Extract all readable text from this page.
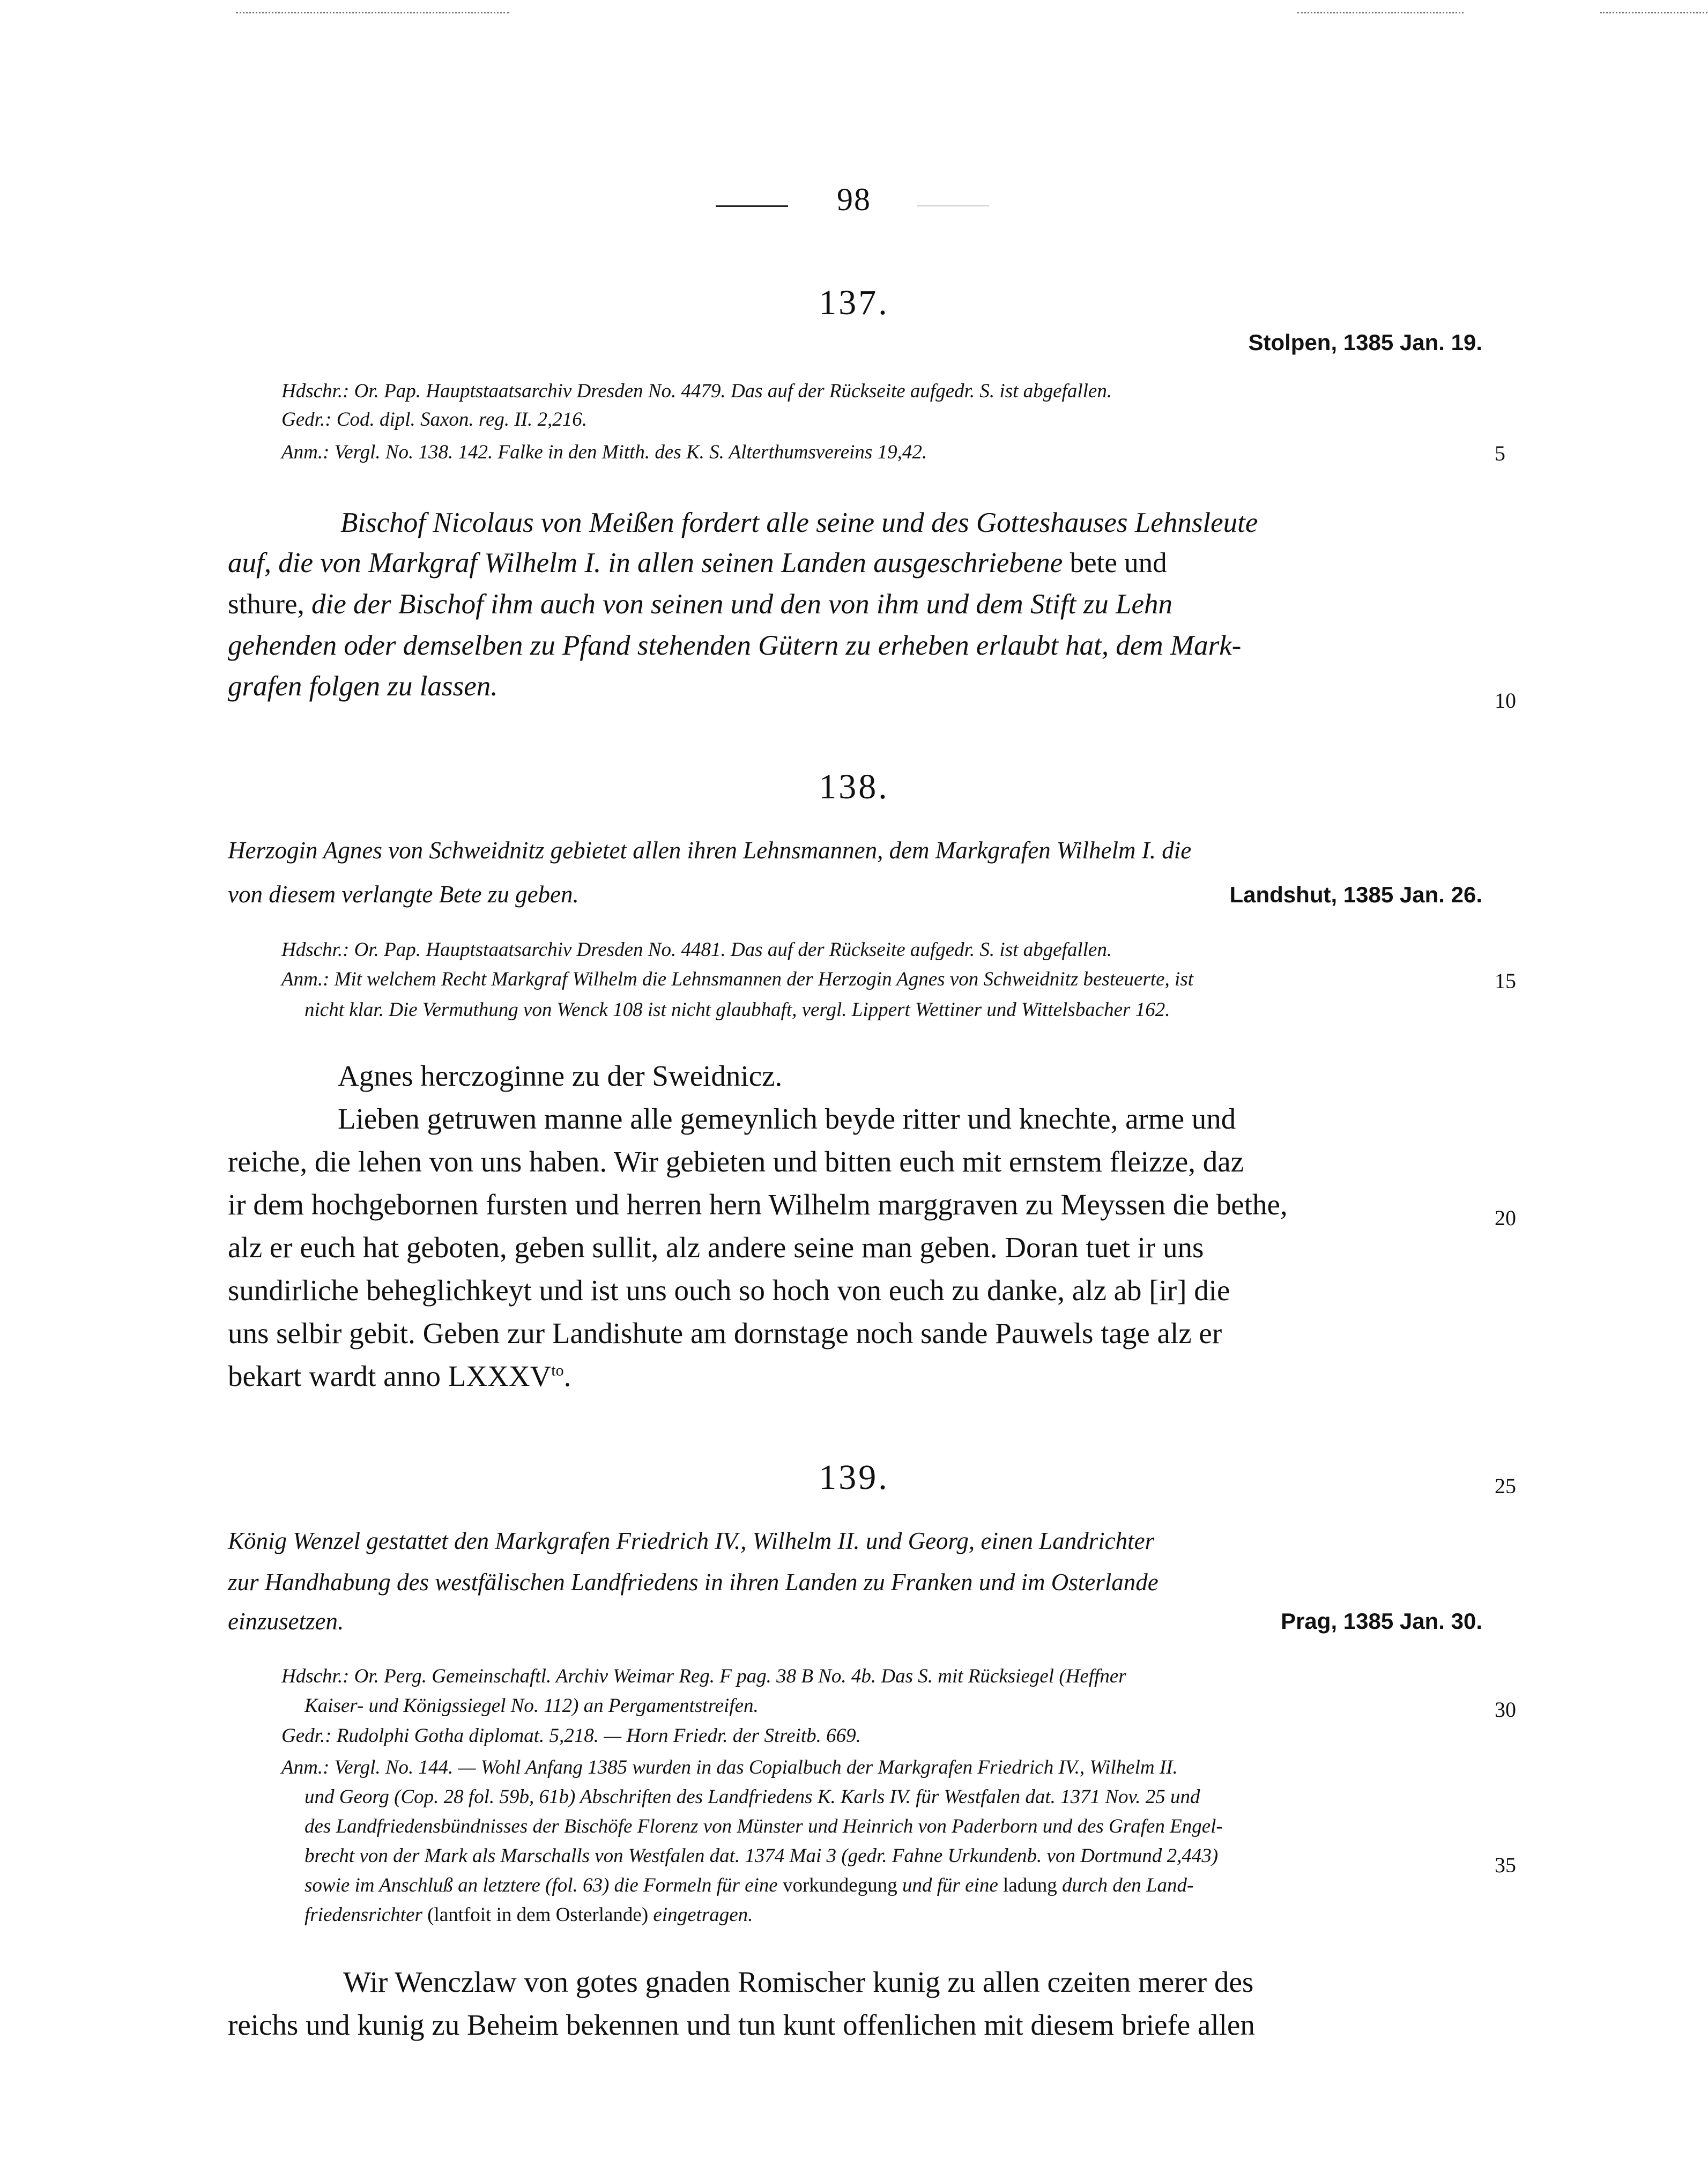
98
137.
Stolpen, 1385 Jan. 19.
Hdschr.: Or. Pap. Hauptstaatsarchiv Dresden No. 4479. Das auf der Rückseite aufgedr. S. ist abgefallen.
Gedr.: Cod. dipl. Saxon. reg. II. 2,216.
Anm.: Vergl. No. 138. 142. Falke in den Mitth. des K. S. Alterthumsvereins 19,42.
Bischof Nicolaus von Meißen fordert alle seine und des Gotteshauses Lehnsleute
auf, die von Markgraf Wilhelm I. in allen seinen Landen ausgeschriebene bete und
sthure, die der Bischof ihm auch von seinen und den von ihm und dem Stift zu Lehn
gehenden oder demselben zu Pfand stehenden Gütern zu erheben erlaubt hat, dem Mark-
grafen folgen zu lassen.
138.
Herzogin Agnes von Schweidnitz gebietet allen ihren Lehnsmannen, dem Markgrafen Wilhelm I. die
von diesem verlangte Bete zu geben.	Landshut, 1385 Jan. 26.
Hdschr.: Or. Pap. Hauptstaatsarchiv Dresden No. 4481. Das auf der Rückseite aufgedr. S. ist abgefallen.
Anm.: Mit welchem Recht Markgraf Wilhelm die Lehnsmannen der Herzogin Agnes von Schweidnitz besteuerte, ist
nicht klar. Die Vermuthung von Wenck 108 ist nicht glaubhaft, vergl. Lippert Wettiner und Wittelsbacher 162.
Agnes herczoginne zu der Sweidnicz.
Lieben getruwen manne alle gemeynlich beyde ritter und knechte, arme und
reiche, die lehen von uns haben. Wir gebieten und bitten euch mit ernstem fleizze, daz
ir dem hochgebornen fursten und herren hern Wilhelm marggraven zu Meyssen die bethe,
alz er euch hat geboten, geben sullit, alz andere seine man geben. Doran tuet ir uns
sundirliche beheglichkeyt und ist uns ouch so hoch von euch zu danke, alz ab [ir] die
uns selbir gebit. Geben zur Landishute am dornstage noch sande Pauwels tage alz er
bekart wardt anno $LXXXV^{to}$.
139.
König Wenzel gestattet den Markgrafen Friedrich IV., Wilhelm II. und Georg, einen Landrichter
zur Handhabung des westfälischen Landfriedens in ihren Landen zu Franken und im Osterlande
einzusetzen.	Prag, 1385 Jan. 30.
Hdschr.: Or. Perg. Gemeinschaftl. Archiv Weimar Reg. F pag. 38 B No. 4b. Das S. mit Rücksiegel (Heffner
Kaiser- und Königssiegel No. 112) an Pergamentstreifen.
Gedr.: Rudolphi Gotha diplomat. 5,218. — Horn Friedr. der Streitb. 669.
Anm.: Vergl. No. 144. — Wohl Anfang 1385 wurden in das Copialbuch der Markgrafen Friedrich IV., Wilhelm II.
und Georg (Cop. 28 fol. 59b, 61b) Abschriften des Landfriedens K. Karls IV. für Westfalen dat. 1371 Nov. 25 und
des Landfriedensbündnisses der Bischöfe Florenz von Münster und Heinrich von Paderborn und des Grafen Engel-
brecht von der Mark als Marschalls von Westfalen dat. 1374 Mai 3 (gedr. Fahne Urkundenb. von Dortmund 2,443)
sowie im Anschluß an letztere (fol. 63) die Formeln für eine vorkundegung und für eine ladung durch den Land-
friedensrichter (lantfoit in dem Osterlande) eingetragen.
Wir Wenczlaw von gotes gnaden Romischer kunig zu allen czeiten merer des
reichs und kunig zu Beheim bekennen und tun kunt offenlichen mit diesem briefe allen
5
10
15
20
25
30
35
